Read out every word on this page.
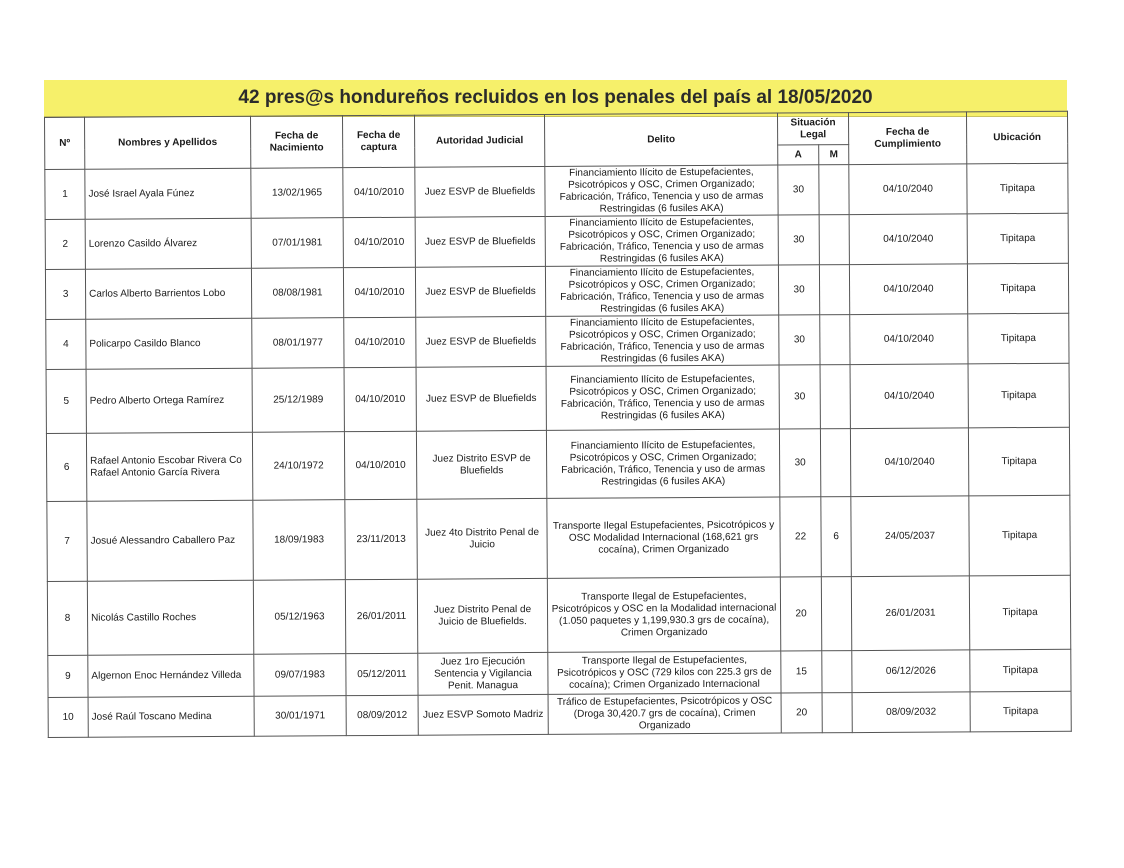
42 pres@s hondureños recluidos en los penales del país al 18/05/2020
Nº	Nombres y Apellidos	Fecha de Nacimiento	Fecha de captura	Autoridad Judicial	Delito	Situación Legal		Fecha de Cumplimiento	Ubicación
						A	M		
1	José Israel Ayala Fúnez	13/02/1965	04/10/2010	Juez ESVP de Bluefields	Financiamiento Ilícito de Estupefacientes, Psicotrópicos y OSC, Crimen Organizado; Fabricación, Tráfico, Tenencia y uso de armas Restringidas (6 fusiles AKA)	30		04/10/2040	Tipitapa
2	Lorenzo Casildo Álvarez	07/01/1981	04/10/2010	Juez ESVP de Bluefields	Financiamiento Ilícito de Estupefacientes, Psicotrópicos y OSC, Crimen Organizado; Fabricación, Tráfico, Tenencia y uso de armas Restringidas (6 fusiles AKA)	30		04/10/2040	Tipitapa
3	Carlos Alberto Barrientos Lobo	08/08/1981	04/10/2010	Juez ESVP de Bluefields	Financiamiento Ilícito de Estupefacientes, Psicotrópicos y OSC, Crimen Organizado; Fabricación, Tráfico, Tenencia y uso de armas Restringidas (6 fusiles AKA)	30		04/10/2040	Tipitapa
4	Policarpo Casildo Blanco	08/01/1977	04/10/2010	Juez ESVP de Bluefields	Financiamiento Ilícito de Estupefacientes, Psicotrópicos y OSC, Crimen Organizado; Fabricación, Tráfico, Tenencia y uso de armas Restringidas (6 fusiles AKA)	30		04/10/2040	Tipitapa
5	Pedro Alberto Ortega Ramírez	25/12/1989	04/10/2010	Juez ESVP de Bluefields	Financiamiento Ilícito de Estupefacientes, Psicotrópicos y OSC, Crimen Organizado; Fabricación, Tráfico, Tenencia y uso de armas Restringidas (6 fusiles AKA)	30		04/10/2040	Tipitapa
6	Rafael Antonio Escobar Rivera Co Rafael Antonio García Rivera	24/10/1972	04/10/2010	Juez Distrito ESVP de Bluefields	Financiamiento Ilícito de Estupefacientes, Psicotrópicos y OSC, Crimen Organizado; Fabricación, Tráfico, Tenencia y uso de armas Restringidas (6 fusiles AKA)	30		04/10/2040	Tipitapa
7	Josué Alessandro Caballero Paz	18/09/1983	23/11/2013	Juez 4to Distrito Penal de Juicio	Transporte Ilegal Estupefacientes, Psicotrópicos y OSC Modalidad Internacional (168,621 grs cocaína), Crimen Organizado	22	6	24/05/2037	Tipitapa
8	Nicolás Castillo Roches	05/12/1963	26/01/2011	Juez Distrito Penal de Juicio de Bluefields.	Transporte Ilegal de Estupefacientes, Psicotrópicos y OSC en la Modalidad internacional (1.050 paquetes y 1,199,930.3 grs de cocaína), Crimen Organizado	20		26/01/2031	Tipitapa
9	Algernon Enoc Hernández Villeda	09/07/1983	05/12/2011	Juez 1ro Ejecución Sentencia y Vigilancia Penit. Managua	Transporte Ilegal de Estupefacientes, Psicotrópicos y OSC (729 kilos con 225.3 grs de cocaína); Crimen Organizado Internacional	15		06/12/2026	Tipitapa
10	José Raúl Toscano Medina	30/01/1971	08/09/2012	Juez ESVP Somoto Madriz	Tráfico de Estupefacientes, Psicotrópicos y OSC (Droga 30,420.7 grs de cocaína), Crimen Organizado	20		08/09/2032	Tipitapa
